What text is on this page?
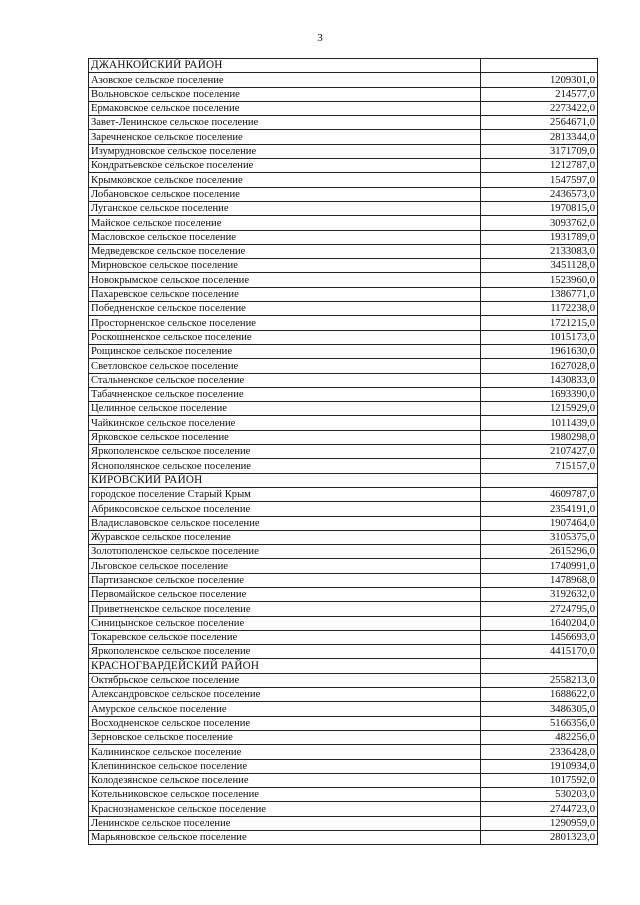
3
ДЖАНКОЙСКИЙ РАЙОН	
Азовское сельское поселение	1209301,0
Вольновское сельское поселение	214577,0
Ермаковское сельское поселение	2273422,0
Завет-Ленинское сельское поселение	2564671,0
Заречненское сельское поселение	2813344,0
Изумрудновское сельское поселение	3171709,0
Кондратьевское сельское поселение	1212787,0
Крымковское сельское поселение	1547597,0
Лобановское сельское поселение	2436573,0
Луганское сельское поселение	1970815,0
Майское сельское поселение	3093762,0
Масловское сельское поселение	1931789,0
Медведевское сельское поселение	2133083,0
Мирновское сельское поселение	3451128,0
Новокрымское сельское поселение	1523960,0
Пахаревское сельское поселение	1386771,0
Победненское сельское поселение	1172238,0
Просторненское сельское поселение	1721215,0
Роскошненское сельское поселение	1015173,0
Рощинское сельское поселение	1961630,0
Светловское сельское поселение	1627028,0
Стальненское сельское поселение	1430833,0
Табачненское сельское поселение	1693390,0
Целинное сельское поселение	1215929,0
Чайкинское сельское поселение	1011439,0
Ярковское сельское поселение	1980298,0
Яркополенское сельское поселение	2107427,0
Яснополянское сельское поселение	715157,0
КИРОВСКИЙ РАЙОН	
городское поселение Старый Крым	4609787,0
Абрикосовское сельское поселение	2354191,0
Владиславовское сельское поселение	1907464,0
Журавское сельское поселение	3105375,0
Золотополенское сельское поселение	2615296,0
Льговское сельское поселение	1740991,0
Партизанское сельское поселение	1478968,0
Первомайское сельское поселение	3192632,0
Приветненское сельское поселение	2724795,0
Синицынское сельское поселение	1640204,0
Токаревское сельское поселение	1456693,0
Яркополенское сельское поселение	4415170,0
КРАСНОГВАРДЕЙСКИЙ РАЙОН	
Октябрьское сельское поселение	2558213,0
Александровское сельское поселение	1688622,0
Амурское сельское поселение	3486305,0
Восходненское сельское поселение	5166356,0
Зерновское сельское поселение	482256,0
Калининское сельское поселение	2336428,0
Клепининское сельское поселение	1910934,0
Колодезянское сельское поселение	1017592,0
Котельниковское сельское поселение	530203,0
Краснознаменское сельское поселение	2744723,0
Ленинское сельское поселение	1290959,0
Марьяновское сельское поселение	2801323,0
